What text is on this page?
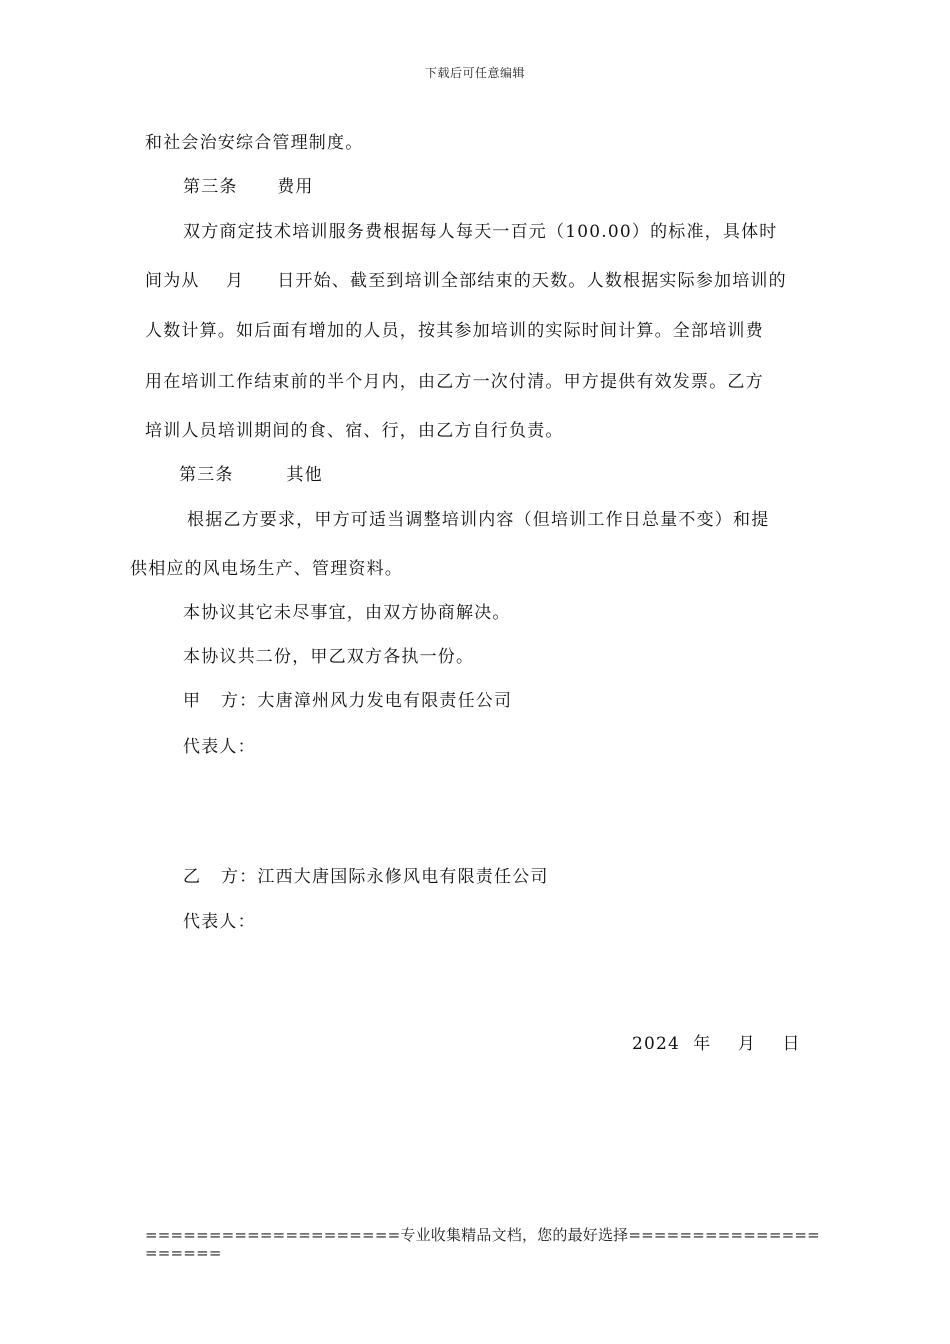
下载后可任意编辑
和社会治安综合管理制度。
第三条      费用
双方商定技术培训服务费根据每人每天一百元（100.00）的标准，具体时
间为从    月     日开始、截至到培训全部结束的天数。人数根据实际参加培训的
人数计算。如后面有增加的人员，按其参加培训的实际时间计算。全部培训费
用在培训工作结束前的半个月内，由乙方一次付清。甲方提供有效发票。乙方
培训人员培训期间的食、宿、行，由乙方自行负责。
第三条        其他
根据乙方要求，甲方可适当调整培训内容（但培训工作日总量不变）和提
供相应的风电场生产、管理资料。
本协议其它未尽事宜，由双方协商解决。
本协议共二份，甲乙双方各执一份。
甲   方：大唐漳州风力发电有限责任公司
代表人：
乙   方：江西大唐国际永修风电有限责任公司
代表人：
2024  年    月    日
====================专业收集精品文档，您的最好选择=====================
